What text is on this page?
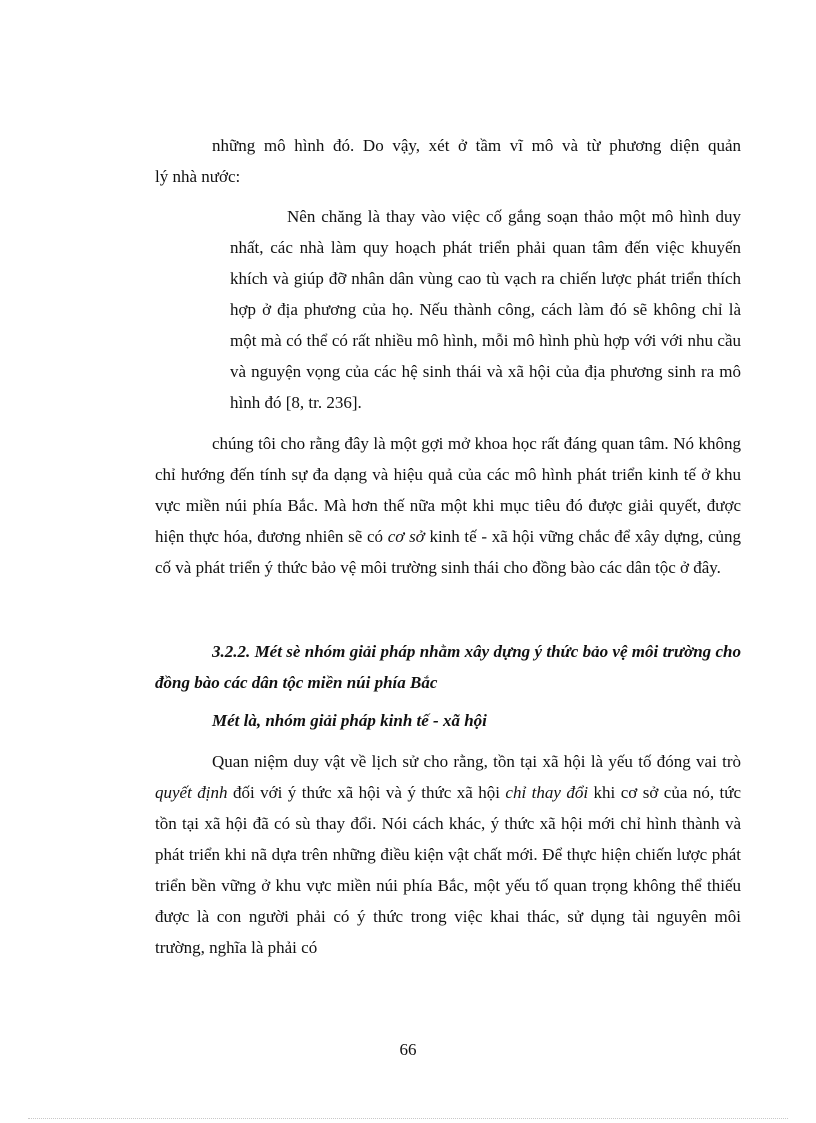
những mô hình đó. Do vậy, xét ở tầm vĩ mô và từ phương diện quản

lý nhà nước:

Nên chăng là thay vào việc cố gắng soạn thảo một mô hình duy nhất, các nhà làm quy hoạch phát triển phải quan tâm đến việc khuyến khích và giúp đỡ nhân dân vùng cao tù vạch ra chiến lược phát triển thích hợp ở địa phương của họ. Nếu thành công, cách làm đó sẽ không chỉ là một mà có thể có rất nhiều mô hình, mỗi mô hình phù hợp với với nhu cầu và nguyện vọng của các hệ sinh thái và xã hội của địa phương sinh ra mô hình đó [8, tr. 236].

chúng tôi cho rằng đây là một gợi mở khoa học rất đáng quan tâm. Nó không chỉ hướng đến tính sự đa dạng và hiệu quả của các mô hình phát triển kinh tế ở khu vực miền núi phía Bắc. Mà hơn thế nữa một khi mục tiêu đó được giải quyết, được hiện thực hóa, đương nhiên sẽ có cơ sở kinh tế - xã hội vững chắc để xây dựng, củng cố và phát triển ý thức bảo vệ môi trường sinh thái cho đồng bào các dân tộc ở đây.

3.2.2. Mét sè nhóm giải pháp nhằm xây dựng ý thức bảo vệ môi trường cho đồng bào các dân tộc miền núi phía Bắc

Mét là, nhóm giải pháp kinh tế - xã hội

Quan niệm duy vật về lịch sử cho rằng, tồn tại xã hội là yếu tố đóng vai trò quyết định đối với ý thức xã hội và ý thức xã hội chỉ thay đổi khi cơ sở của nó, tức tồn tại xã hội đã có sù thay đổi. Nói cách khác, ý thức xã hội mới chỉ hình thành và phát triển khi nã dựa trên những điều kiện vật chất mới. Để thực hiện chiến lược phát triển bền vững ở khu vực miền núi phía Bắc, một yếu tố quan trọng không thể thiếu được là con người phải có ý thức trong việc khai thác, sử dụng tài nguyên môi trường, nghĩa là phải có

66
